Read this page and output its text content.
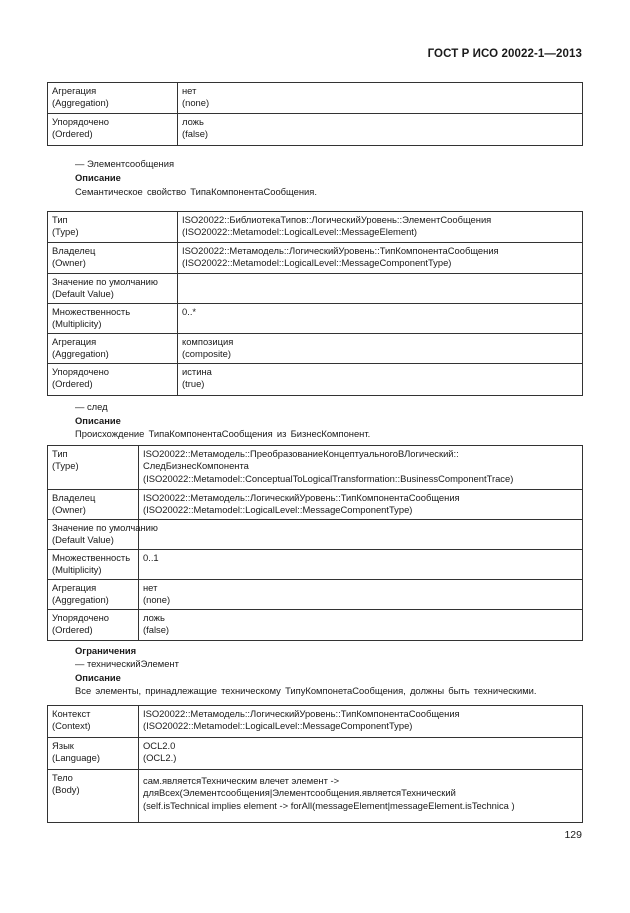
ГОСТ Р ИСО 20022-1—2013
Агрегация
(Aggregation)	нет
(none)

Упорядочено
(Ordered)	ложь
(false)
— Элементсообщения
Описание
Семантическое свойство ТипаКомпонентаСообщения.
Тип
(Type)	ISO20022::БиблиотекаТипов::ЛогическийУровень::ЭлементСообщения
(ISO20022::Metamodel::LogicalLevel::MessageElement)

Владелец
(Owner)	ISO20022::Метамодель::ЛогическийУровень::ТипКомпонентаСообщения
(ISO20022::Metamodel::LogicalLevel::MessageComponentType)

Значение по умолчанию
(Default Value)	

Множественность
(Multiplicity)	0..*

Агрегация
(Aggregation)	композиция
(composite)

Упорядочено
(Ordered)	истина
(true)
— след
Описание
Происхождение ТипаКомпонентаСообщения из БизнесКомпонент.
Тип
(Type)	ISO20022::Метамодель::ПреобразованиеКонцептуальногоВЛогический::
СледБизнесКомпонента
(ISO20022::Metamodel::ConceptualToLogicalTransformation::BusinessComponentTrace)

Владелец
(Owner)	ISO20022::Метамодель::ЛогическийУровень::ТипКомпонентаСообщения
(ISO20022::Metamodel::LogicalLevel::MessageComponentType)

Значение по умолчанию
(Default Value)	

Множественность
(Multiplicity)	0..1

Агрегация
(Aggregation)	нет
(none)

Упорядочено
(Ordered)	ложь
(false)
Ограничения
— техническийЭлемент
Описание
Все элементы, принадлежащие техническому ТипуКомпонетаСообщения, должны быть техническими.
Контекст
(Context)	ISO20022::Метамодель::ЛогическийУровень::ТипКомпонентаСообщения
(ISO20022::Metamodel::LogicalLevel::MessageComponentType)

Язык
(Language)	OCL2.0
(OCL2.)

Тело
(Body)	сам.являетсяТехническим влечет элемент ->
дляВсех(Элементсообщения|Элементсообщения.являетсяТехнический
(self.isTechnical implies element -> forAll(messageElement|messageElement.isTechnica )
129
